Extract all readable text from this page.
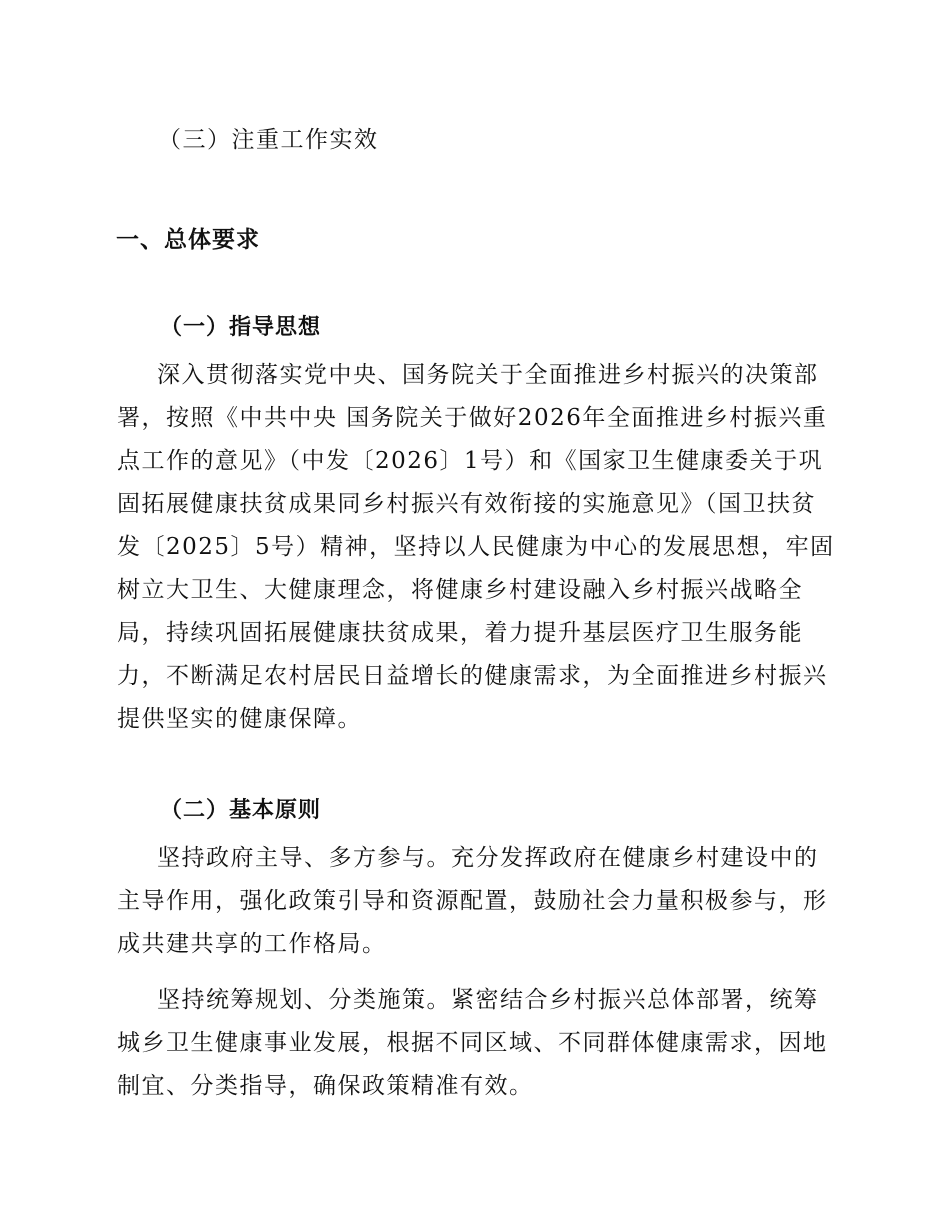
（三）注重工作实效
一、总体要求
（一）指导思想
深入贯彻落实党中央、国务院关于全面推进乡村振兴的决策部
署，按照《中共中央 国务院关于做好2026年全面推进乡村振兴重
点工作的意见》（中发〔2026〕1号）和《国家卫生健康委关于巩
固拓展健康扶贫成果同乡村振兴有效衔接的实施意见》（国卫扶贫
发〔2025〕5号）精神，坚持以人民健康为中心的发展思想，牢固
树立大卫生、大健康理念，将健康乡村建设融入乡村振兴战略全
局，持续巩固拓展健康扶贫成果，着力提升基层医疗卫生服务能
力，不断满足农村居民日益增长的健康需求，为全面推进乡村振兴
提供坚实的健康保障。
（二）基本原则
坚持政府主导、多方参与。充分发挥政府在健康乡村建设中的
主导作用，强化政策引导和资源配置，鼓励社会力量积极参与，形
成共建共享的工作格局。
坚持统筹规划、分类施策。紧密结合乡村振兴总体部署，统筹
城乡卫生健康事业发展，根据不同区域、不同群体健康需求，因地
制宜、分类指导，确保政策精准有效。
